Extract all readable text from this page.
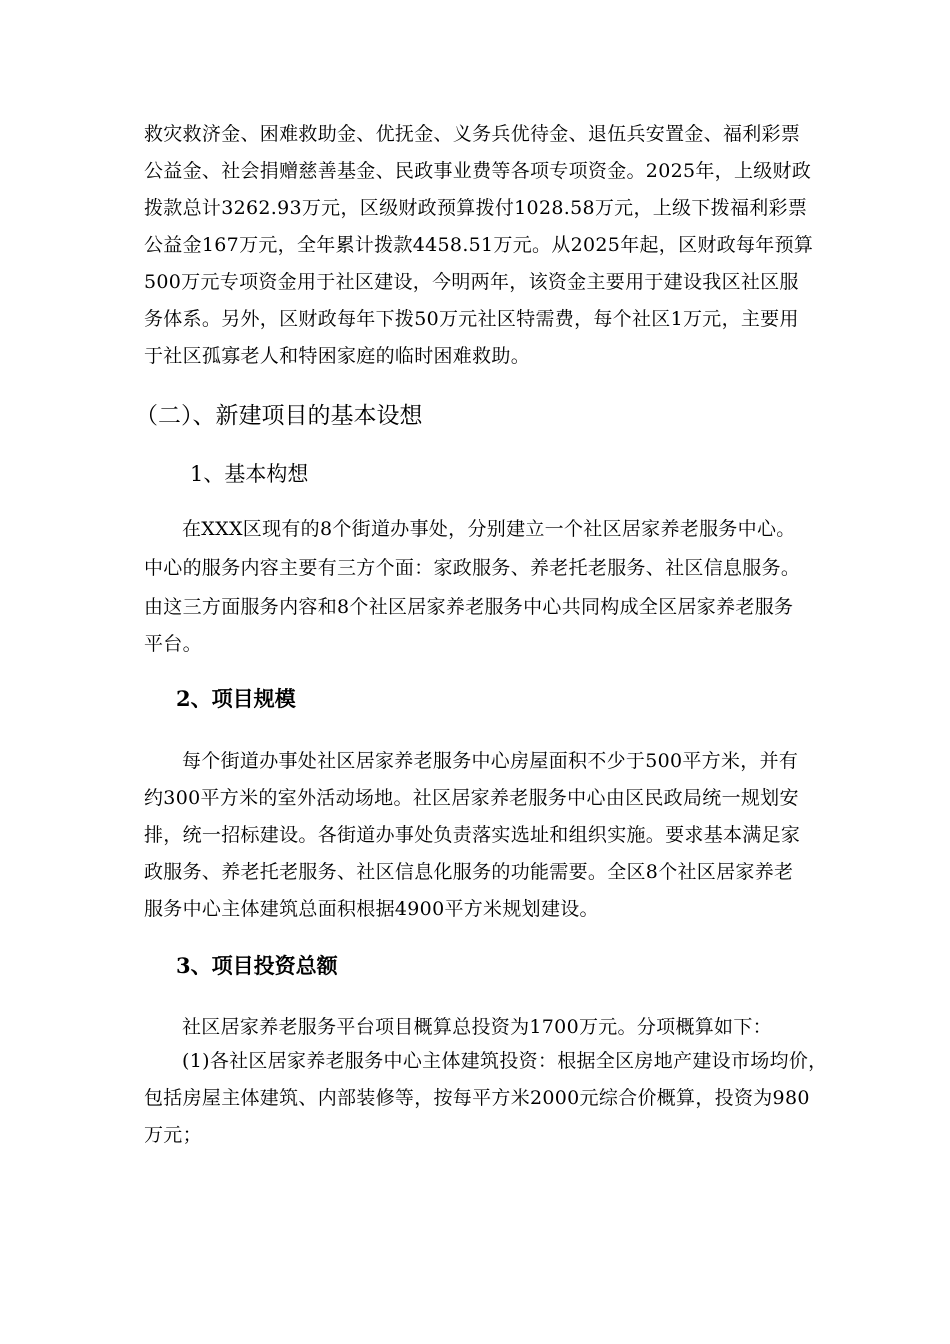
救灾救济金、困难救助金、优抚金、义务兵优待金、退伍兵安置金、福利彩票
公益金、社会捐赠慈善基金、民政事业费等各项专项资金。2025年，上级财政
拨款总计3262.93万元，区级财政预算拨付1028.58万元，上级下拨福利彩票
公益金167万元，全年累计拨款4458.51万元。从2025年起，区财政每年预算
500万元专项资金用于社区建设，今明两年，该资金主要用于建设我区社区服
务体系。另外，区财政每年下拨50万元社区特需费，每个社区1万元，主要用
于社区孤寡老人和特困家庭的临时困难救助。
（二）、新建项目的基本设想
1、基本构想
在XXX区现有的8个街道办事处，分别建立一个社区居家养老服务中心。
中心的服务内容主要有三方个面：家政服务、养老托老服务、社区信息服务。
由这三方面服务内容和8个社区居家养老服务中心共同构成全区居家养老服务
平台。
2、项目规模
每个街道办事处社区居家养老服务中心房屋面积不少于500平方米，并有
约300平方米的室外活动场地。社区居家养老服务中心由区民政局统一规划安
排，统一招标建设。各街道办事处负责落实选址和组织实施。要求基本满足家
政服务、养老托老服务、社区信息化服务的功能需要。全区8个社区居家养老
服务中心主体建筑总面积根据4900平方米规划建设。
3、项目投资总额
社区居家养老服务平台项目概算总投资为1700万元。分项概算如下：
(1)各社区居家养老服务中心主体建筑投资：根据全区房地产建设市场均价，
包括房屋主体建筑、内部装修等，按每平方米2000元综合价概算，投资为980
万元；
